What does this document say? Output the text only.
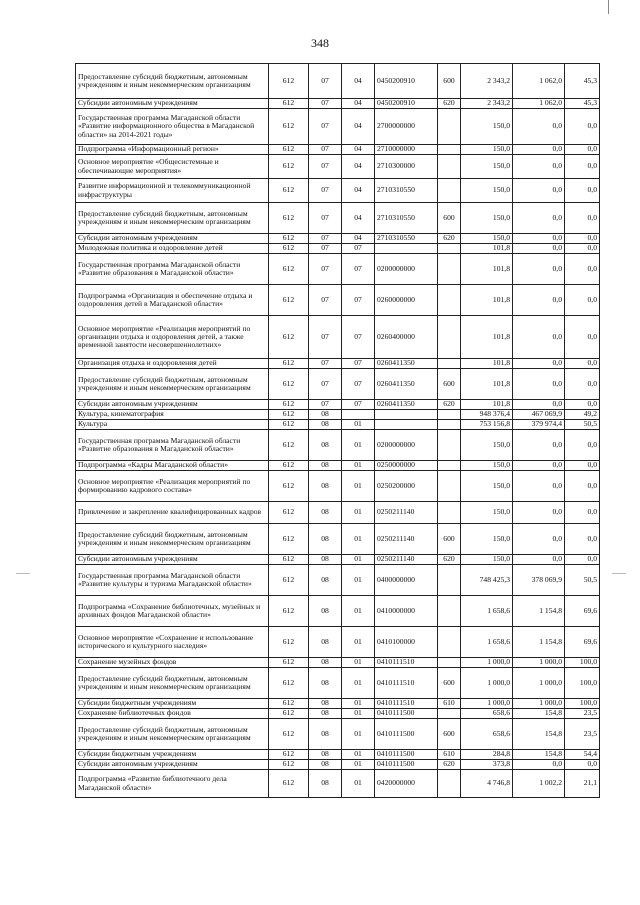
348
Предоставление субсидий бюджетным, автономным учреждениям и иным некоммерческим организациям	612	07	04	0450200910	600	2 343,2	1 062,0	45,3
Субсидии автономным учреждениям	612	07	04	0450200910	620	2 343,2	1 062,0	45,3
Государственная программа Магаданской области «Развитие информационного общества в Магаданской области» на 2014-2021 годы»	612	07	04	2700000000		150,0	0,0	0,0
Подпрограмма «Информационный регион»	612	07	04	2710000000		150,0	0,0	0,0
Основное мероприятие «Общесистемные и обеспечивающие мероприятия»	612	07	04	2710300000		150,0	0,0	0,0
Развитие информационной и телекоммуникационной инфраструктуры	612	07	04	2710310550		150,0	0,0	0,0
Предоставление субсидий бюджетным, автономным учреждениям и иным некоммерческим организациям	612	07	04	2710310550	600	150,0	0,0	0,0
Субсидии автономным учреждениям	612	07	04	2710310550	620	150,0	0,0	0,0
Молодежная политика и оздоровление детей	612	07	07			101,8	0,0	0,0
Государственная программа Магаданской области «Развитие образования в Магаданской области»	612	07	07	0200000000		101,8	0,0	0,0
Подпрограмма «Организация и обеспечение отдыха и оздоровления детей в Магаданской области»	612	07	07	0260000000		101,8	0,0	0,0
Основное мероприятие «Реализация мероприятий по организации отдыха и оздоровления детей, а также временной занятости несовершеннолетних»	612	07	07	0260400000		101,8	0,0	0,0
Организация отдыха и оздоровления детей	612	07	07	0260411350		101,8	0,0	0,0
Предоставление субсидий бюджетным, автономным учреждениям и иным некоммерческим организациям	612	07	07	0260411350	600	101,8	0,0	0,0
Субсидии автономным учреждениям	612	07	07	0260411350	620	101,8	0,0	0,0
Культура, кинематография	612	08				948 376,4	467 069,9	49,2
Культура	612	08	01			753 156,8	379 974,4	50,5
Государственная программа Магаданской области «Развитие образования в Магаданской области»	612	08	01	0200000000		150,0	0,0	0,0
Подпрограмма «Кадры Магаданской области»	612	08	01	0250000000		150,0	0,0	0,0
Основное мероприятие «Реализация мероприятий по формированию кадрового состава»	612	08	01	0250200000		150,0	0,0	0,0
Привлечение и закрепление квалифицированных кадров	612	08	01	0250211140		150,0	0,0	0,0
Предоставление субсидий бюджетным, автономным учреждениям и иным некоммерческим организациям	612	08	01	0250211140	600	150,0	0,0	0,0
Субсидии автономным учреждениям	612	08	01	0250211140	620	150,0	0,0	0,0
Государственная программа Магаданской области «Развитие культуры и туризма Магаданской области»	612	08	01	0400000000		748 425,3	378 069,9	50,5
Подпрограмма «Сохранение библиотечных, музейных и архивных фондов Магаданской области»	612	08	01	0410000000		1 658,6	1 154,8	69,6
Основное мероприятие «Сохранение и использование исторического и культурного наследия»	612	08	01	0410100000		1 658,6	1 154,8	69,6
Сохранение музейных фондов	612	08	01	0410111510		1 000,0	1 000,0	100,0
Предоставление субсидий бюджетным, автономным учреждениям и иным некоммерческим организациям	612	08	01	0410111510	600	1 000,0	1 000,0	100,0
Субсидии бюджетным учреждениям	612	08	01	0410111510	610	1 000,0	1 000,0	100,0
Сохранение библиотечных фондов	612	08	01	0410111500		658,6	154,8	23,5
Предоставление субсидий бюджетным, автономным учреждениям и иным некоммерческим организациям	612	08	01	0410111500	600	658,6	154,8	23,5
Субсидии бюджетным учреждениям	612	08	01	0410111500	610	284,8	154,8	54,4
Субсидии автономным учреждениям	612	08	01	0410111500	620	373,8	0,0	0,0
Подпрограмма «Развитие библиотечного дела Магаданской области»	612	08	01	0420000000		4 746,8	1 002,2	21,1
